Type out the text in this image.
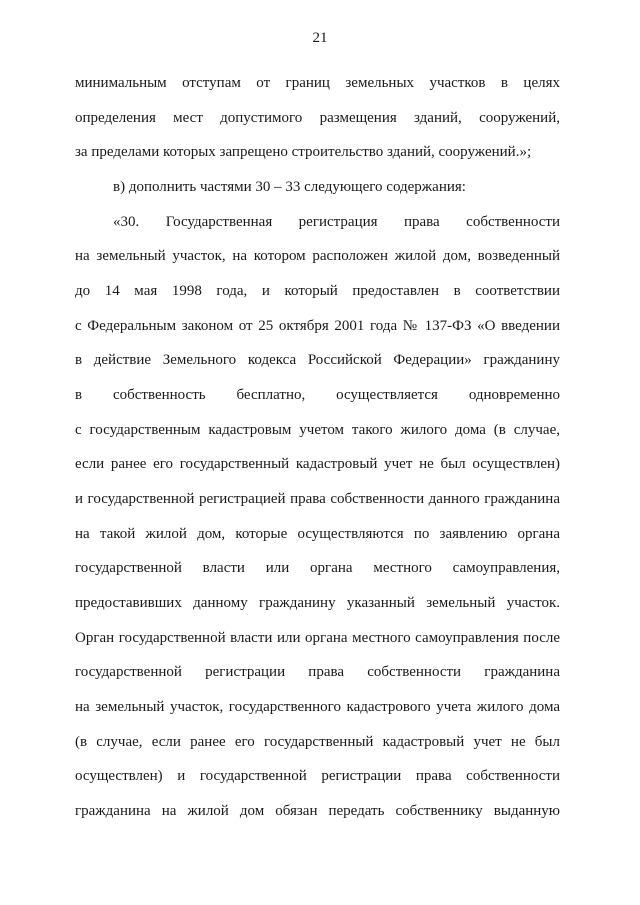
21
минимальным отступам от границ земельных участков в целях
определения мест допустимого размещения зданий, сооружений,
за пределами которых запрещено строительство зданий, сооружений.»;
в) дополнить частями 30 – 33 следующего содержания:
«30. Государственная регистрация права собственности
на земельный участок, на котором расположен жилой дом, возведенный
до 14 мая 1998 года, и который предоставлен в соответствии
с Федеральным законом от 25 октября 2001 года № 137-ФЗ «О введении
в действие Земельного кодекса Российской Федерации» гражданину
в собственность бесплатно, осуществляется одновременно
с государственным кадастровым учетом такого жилого дома (в случае,
если ранее его государственный кадастровый учет не был осуществлен)
и государственной регистрацией права собственности данного гражданина
на такой жилой дом, которые осуществляются по заявлению органа
государственной власти или органа местного самоуправления,
предоставивших данному гражданину указанный земельный участок.
Орган государственной власти или органа местного самоуправления после
государственной регистрации права собственности гражданина
на земельный участок, государственного кадастрового учета жилого дома
(в случае, если ранее его государственный кадастровый учет не был
осуществлен) и государственной регистрации права собственности
гражданина на жилой дом обязан передать собственнику выданную
